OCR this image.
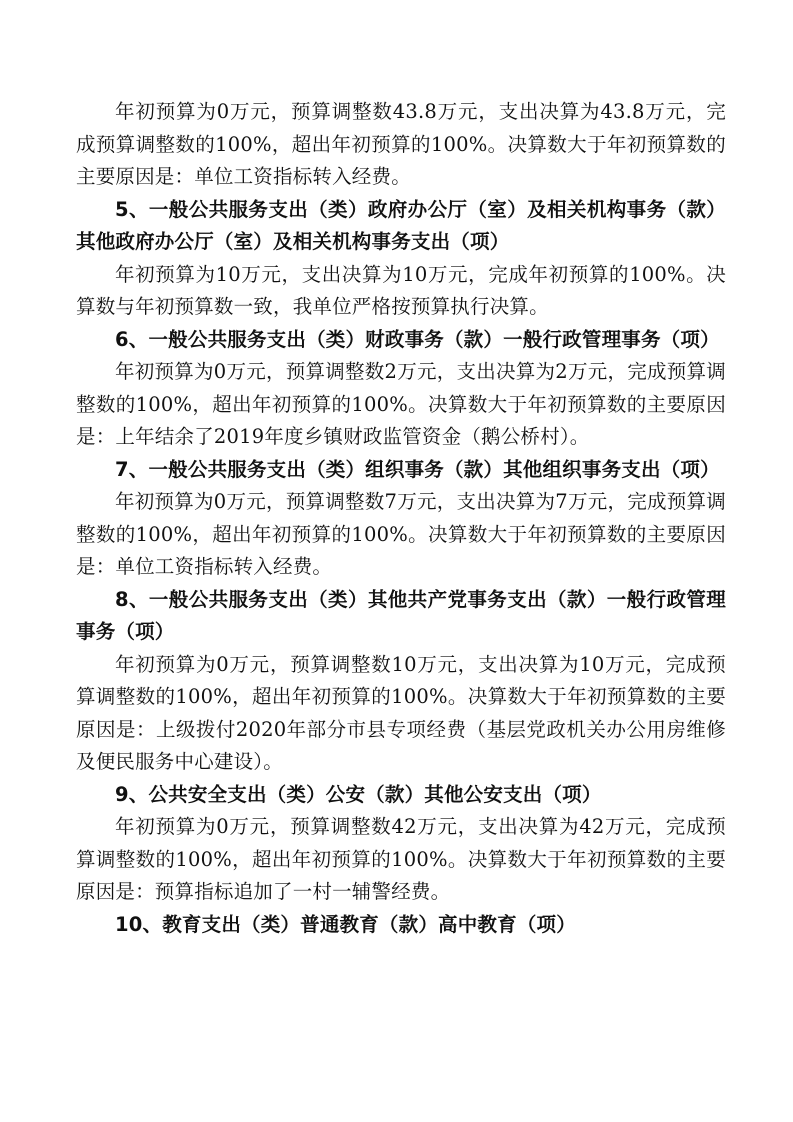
年初预算为0万元，预算调整数43.8万元，支出决算为43.8万元，完成预算调整数的100%，超出年初预算的100%。决算数大于年初预算数的主要原因是：单位工资指标转入经费。

5、一般公共服务支出（类）政府办公厅（室）及相关机构事务（款）其他政府办公厅（室）及相关机构事务支出（项）

年初预算为10万元，支出决算为10万元，完成年初预算的100%。决算数与年初预算数一致，我单位严格按预算执行决算。

6、一般公共服务支出（类）财政事务（款）一般行政管理事务（项）

年初预算为0万元，预算调整数2万元，支出决算为2万元，完成预算调整数的100%，超出年初预算的100%。决算数大于年初预算数的主要原因是：上年结余了2019年度乡镇财政监管资金（鹅公桥村）。

7、一般公共服务支出（类）组织事务（款）其他组织事务支出（项）

年初预算为0万元，预算调整数7万元，支出决算为7万元，完成预算调整数的100%，超出年初预算的100%。决算数大于年初预算数的主要原因是：单位工资指标转入经费。

8、一般公共服务支出（类）其他共产党事务支出（款）一般行政管理事务（项）

年初预算为0万元，预算调整数10万元，支出决算为10万元，完成预算调整数的100%，超出年初预算的100%。决算数大于年初预算数的主要原因是：上级拨付2020年部分市县专项经费（基层党政机关办公用房维修及便民服务中心建设）。

9、公共安全支出（类）公安（款）其他公安支出（项）

年初预算为0万元，预算调整数42万元，支出决算为42万元，完成预算调整数的100%，超出年初预算的100%。决算数大于年初预算数的主要原因是：预算指标追加了一村一辅警经费。

10、教育支出（类）普通教育（款）高中教育（项）
